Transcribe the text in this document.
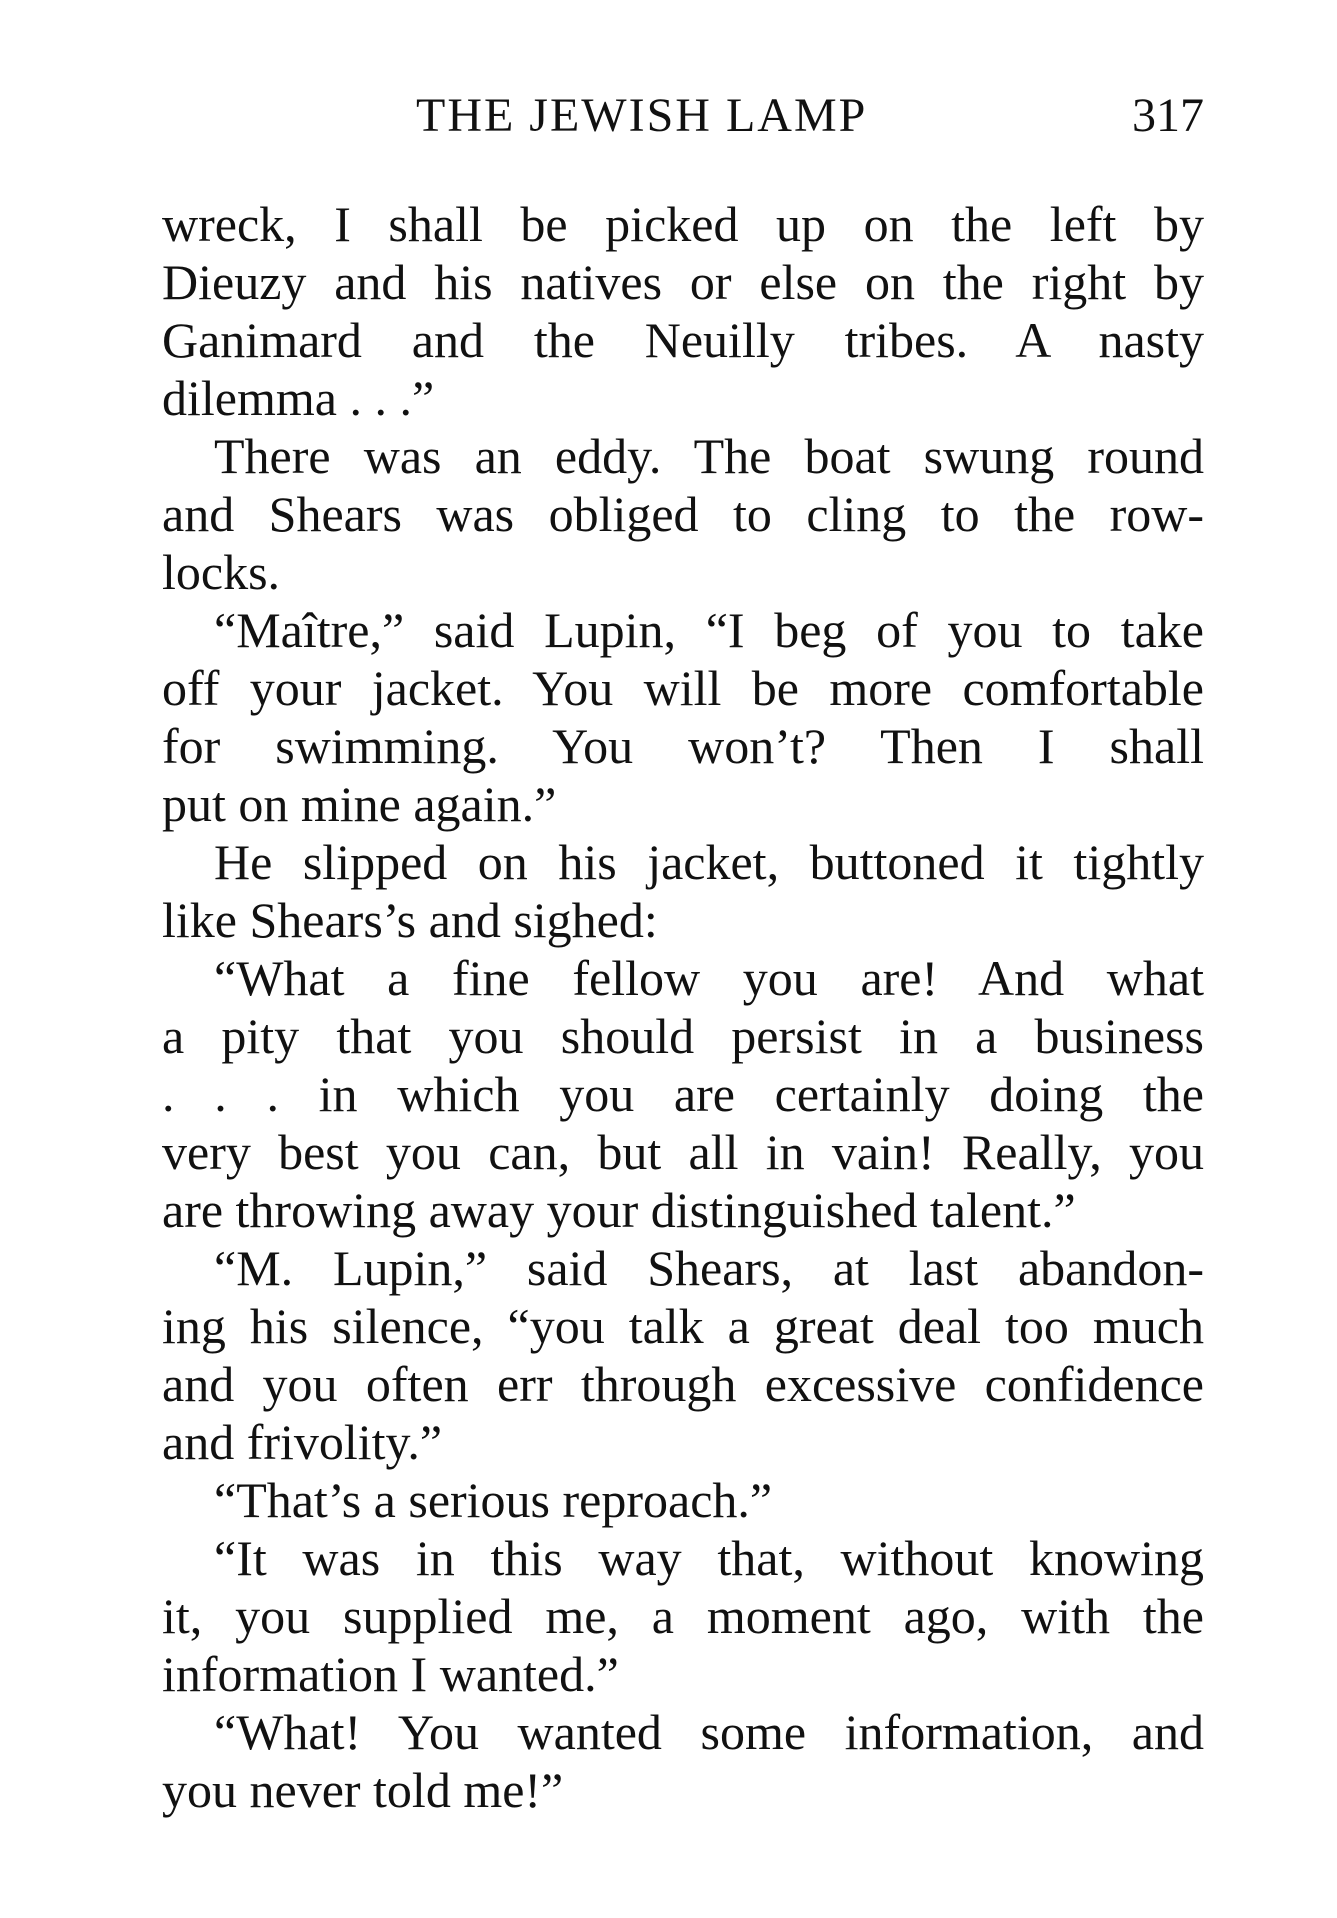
THE JEWISH LAMP	317
wreck, I shall be picked up on the left by
Dieuzy and his natives or else on the right by
Ganimard and the Neuilly tribes. A nasty
dilemma . . .”
There was an eddy. The boat swung round
and Shears was obliged to cling to the row-
locks.
“Maître,” said Lupin, “I beg of you to take
off your jacket. You will be more comfortable
for swimming. You won’t? Then I shall
put on mine again.”
He slipped on his jacket, buttoned it tightly
like Shears’s and sighed:
“What a fine fellow you are! And what
a pity that you should persist in a business
. . . in which you are certainly doing the
very best you can, but all in vain! Really, you
are throwing away your distinguished talent.”
“M. Lupin,” said Shears, at last abandon-
ing his silence, “you talk a great deal too much
and you often err through excessive confidence
and frivolity.”
“That’s a serious reproach.”
“It was in this way that, without knowing
it, you supplied me, a moment ago, with the
information I wanted.”
“What! You wanted some information, and
you never told me!”
